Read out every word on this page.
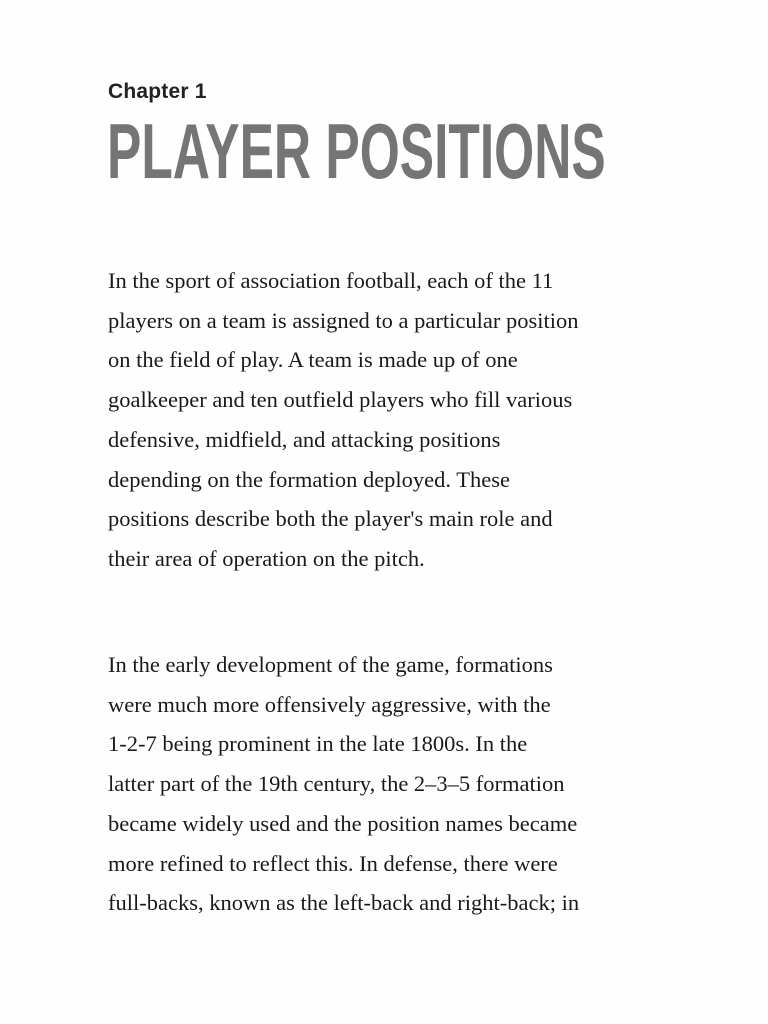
Chapter 1
PLAYER POSITIONS

In the sport of association football, each of the 11
players on a team is assigned to a particular position
on the field of play. A team is made up of one
goalkeeper and ten outfield players who fill various
defensive, midfield, and attacking positions
depending on the formation deployed. These
positions describe both the player's main role and
their area of operation on the pitch.

In the early development of the game, formations
were much more offensively aggressive, with the
1-2-7 being prominent in the late 1800s. In the
latter part of the 19th century, the 2–3–5 formation
became widely used and the position names became
more refined to reflect this. In defense, there were
full-backs, known as the left-back and right-back; in
